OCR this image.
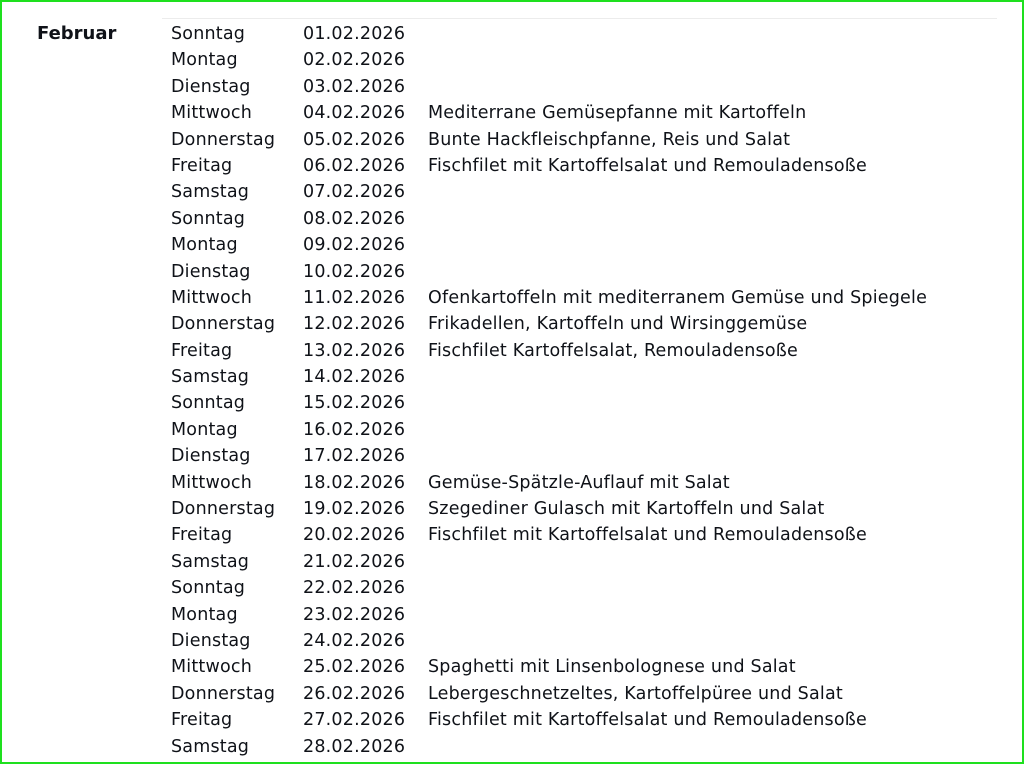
Februar	Sonntag	01.02.2026
Montag	02.02.2026
Dienstag	03.02.2026
Mittwoch	04.02.2026 Mediterrane Gemüsepfanne mit Kartoffeln
Donnerstag 05.02.2026 Bunte Hackfleischpfanne, Reis und Salat
Freitag	06.02.2026 Fischfilet mit Kartoffelsalat und Remouladensoße
Samstag	07.02.2026
Sonntag	08.02.2026
Montag	09.02.2026
Dienstag	10.02.2026
Mittwoch	11.02.2026 Ofenkartoffeln mit mediterranem Gemüse und Spiegele
Donnerstag 12.02.2026 Frikadellen, Kartoffeln und Wirsinggemüse
Freitag	13.02.2026 Fischfilet Kartoffelsalat, Remouladensoße
Samstag	14.02.2026
Sonntag	15.02.2026
Montag	16.02.2026
Dienstag	17.02.2026
Mittwoch	18.02.2026 Gemüse-Spätzle-Auflauf mit Salat
Donnerstag 19.02.2026 Szegediner Gulasch mit Kartoffeln und Salat
Freitag	20.02.2026 Fischfilet mit Kartoffelsalat und Remouladensoße
Samstag	21.02.2026
Sonntag	22.02.2026
Montag	23.02.2026
Dienstag	24.02.2026
Mittwoch	25.02.2026 Spaghetti mit Linsenbolognese und Salat
Donnerstag 26.02.2026 Lebergeschnetzeltes, Kartoffelpüree und Salat
Freitag	27.02.2026 Fischfilet mit Kartoffelsalat und Remouladensoße
Samstag	28.02.2026
